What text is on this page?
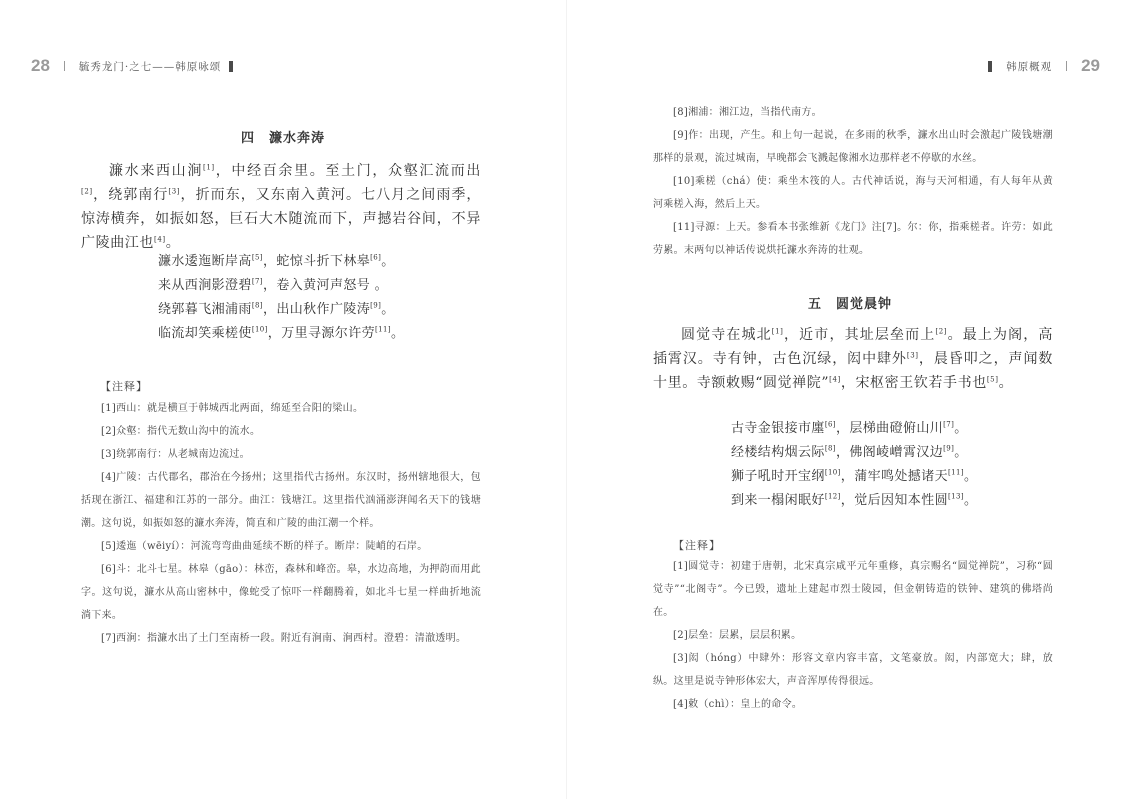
28	毓秀龙门·之七——韩原咏颂
四　濂水奔涛

濂水来西山涧[1]，中经百余里。至土门，众壑汇流而出[2]，绕郭南行[3]，折而东，又东南入黄河。七八月之间雨季，惊涛横奔，如振如怒，巨石大木随流而下，声撼岩谷间，不异广陵曲江也[4]。

濂水逶迤断岸高[5]，蛇惊斗折下林皋[6]。
来从西涧影澄碧[7]，卷入黄河声怒号 。
绕郭暮飞湘浦雨[8]，出山秋作广陵涛[9]。
临流却笑乘槎使[10]，万里寻源尔许劳[11]。
【注释】

[1]西山：就是横亘于韩城西北两面，绵延至合阳的梁山。

[2]众壑：指代无数山沟中的流水。

[3]绕郭南行：从老城南边流过。

[4]广陵：古代郡名，郡治在今扬州；这里指代古扬州。东汉时，扬州辖地很大，包括现在浙江、福建和江苏的一部分。曲江：钱塘江。这里指代汹涌澎湃闻名天下的钱塘潮。这句说，如振如怒的濂水奔涛，简直和广陵的曲江潮一个样。

[5]逶迤（wēiyí）：河流弯弯曲曲延续不断的样子。断岸：陡峭的石岸。

[6]斗：北斗七星。林皋（gāo）：林峦，森林和峰峦。皋，水边高地，为押韵而用此字。这句说，濂水从高山密林中，像蛇受了惊吓一样翻腾着，如北斗七星一样曲折地流淌下来。

[7]西涧：指濂水出了土门至南桥一段。附近有涧南、涧西村。澄碧：清澈透明。

韩原概观 29

[8]湘浦：湘江边，当指代南方。

[9]作：出现，产生。和上句一起说，在多雨的秋季，濂水出山时会激起广陵钱塘潮那样的景观，流过城南，早晚都会飞溅起像湘水边那样老不停歇的水丝。

[10]乘槎（chá）使：乘坐木筏的人。古代神话说，海与天河相通，有人每年从黄河乘槎入海，然后上天。

[11]寻源：上天。参看本书张维新《龙门》注[7]。尔：你，指乘槎者。许劳：如此劳累。末两句以神话传说烘托濂水奔涛的壮观。

五　圆觉晨钟

圆觉寺在城北[1]，近市，其址层垒而上[2]。最上为阁，高插霄汉。寺有钟，古色沉绿，闳中肆外[3]，晨昏叩之，声闻数十里。寺额敕赐“圆觉禅院”[4]，宋枢密王钦若手书也[5]。

古寺金银接市廛[6]，层梯曲磴俯山川[7]。
经楼结构烟云际[8]，佛阁崚嶒霄汉边[9]。
狮子吼时开宝纲[10]，蒲牢鸣处撼诸天[11]。
到来一榻闲眠好[12]，觉后因知本性圆[13]。
【注释】

[1]圆觉寺：初建于唐朝，北宋真宗咸平元年重修，真宗赐名“圆觉禅院”，习称“圆觉寺”“北阁寺”。今已毁，遗址上建起市烈士陵园，但金朝铸造的铁钟、建筑的佛塔尚在。

[2]层垒：层累，层层积累。

[3]闳（hóng）中肆外：形容文章内容丰富，文笔豪放。闳，内部宽大；肆，放纵。这里是说寺钟形体宏大，声音浑厚传得很远。

[4]敕（chì）：皇上的命令。
